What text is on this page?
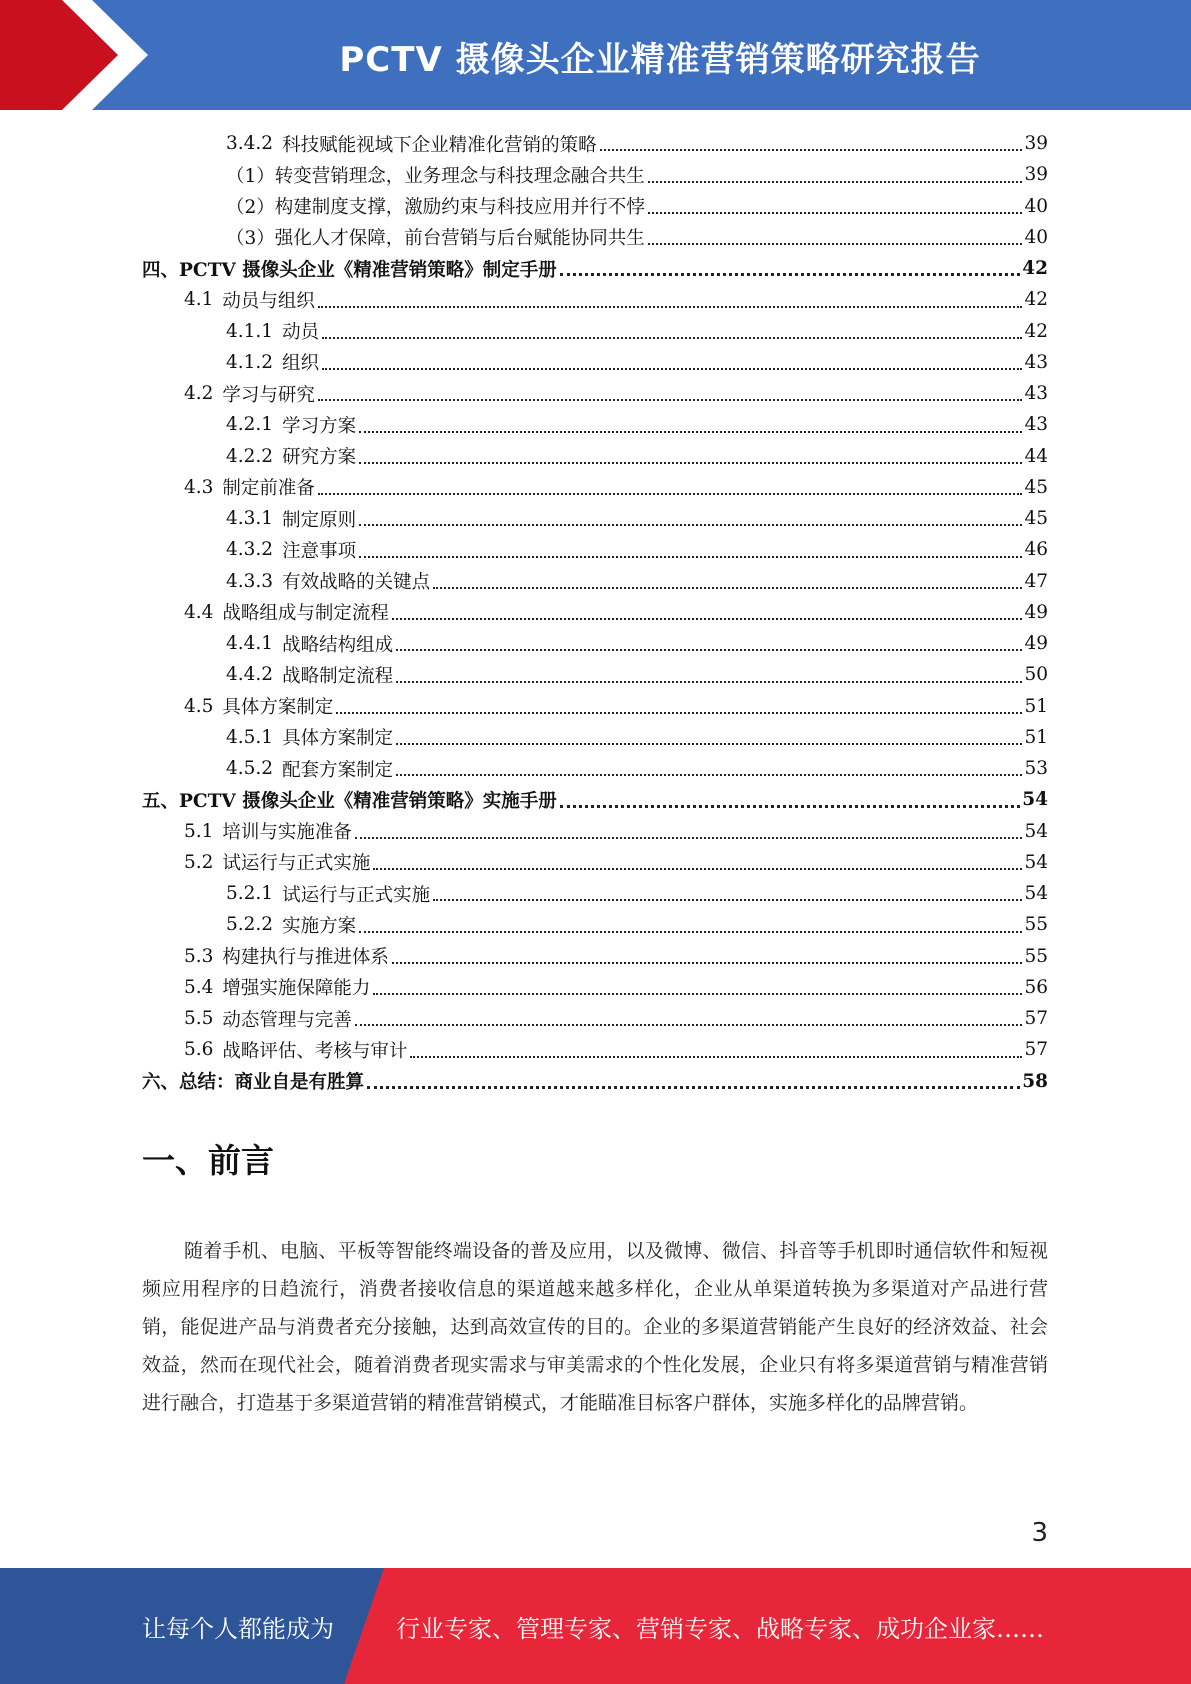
PCTV 摄像头企业精准营销策略研究报告
3.4.2 科技赋能视域下企业精准化营销的策略	39
（1）转变营销理念，业务理念与科技理念融合共生	39
（2）构建制度支撑，激励约束与科技应用并行不悖	40
（3）强化人才保障，前台营销与后台赋能协同共生	40
四、PCTV 摄像头企业《精准营销策略》制定手册	42
4.1 动员与组织	42
4.1.1 动员	42
4.1.2 组织	43
4.2 学习与研究	43
4.2.1 学习方案	43
4.2.2 研究方案	44
4.3 制定前准备	45
4.3.1 制定原则	45
4.3.2 注意事项	46
4.3.3 有效战略的关键点	47
4.4 战略组成与制定流程	49
4.4.1 战略结构组成	49
4.4.2 战略制定流程	50
4.5 具体方案制定	51
4.5.1 具体方案制定	51
4.5.2 配套方案制定	53
五、PCTV 摄像头企业《精准营销策略》实施手册	54
5.1 培训与实施准备	54
5.2 试运行与正式实施	54
5.2.1 试运行与正式实施	54
5.2.2 实施方案	55
5.3 构建执行与推进体系	55
5.4 增强实施保障能力	56
5.5 动态管理与完善	57
5.6 战略评估、考核与审计	57
六、总结：商业自是有胜算	58
一、前言

随着手机、电脑、平板等智能终端设备的普及应用，以及微博、微信、抖音等手机即时通信软件和短视频应用程序的日趋流行，消费者接收信息的渠道越来越多样化，企业从单渠道转换为多渠道对产品进行营销，能促进产品与消费者充分接触，达到高效宣传的目的。企业的多渠道营销能产生良好的经济效益、社会效益，然而在现代社会，随着消费者现实需求与审美需求的个性化发展，企业只有将多渠道营销与精准营销进行融合，打造基于多渠道营销的精准营销模式，才能瞄准目标客户群体，实施多样化的品牌营销。

3
让每个人都能成为	行业专家、管理专家、营销专家、战略专家、成功企业家……
